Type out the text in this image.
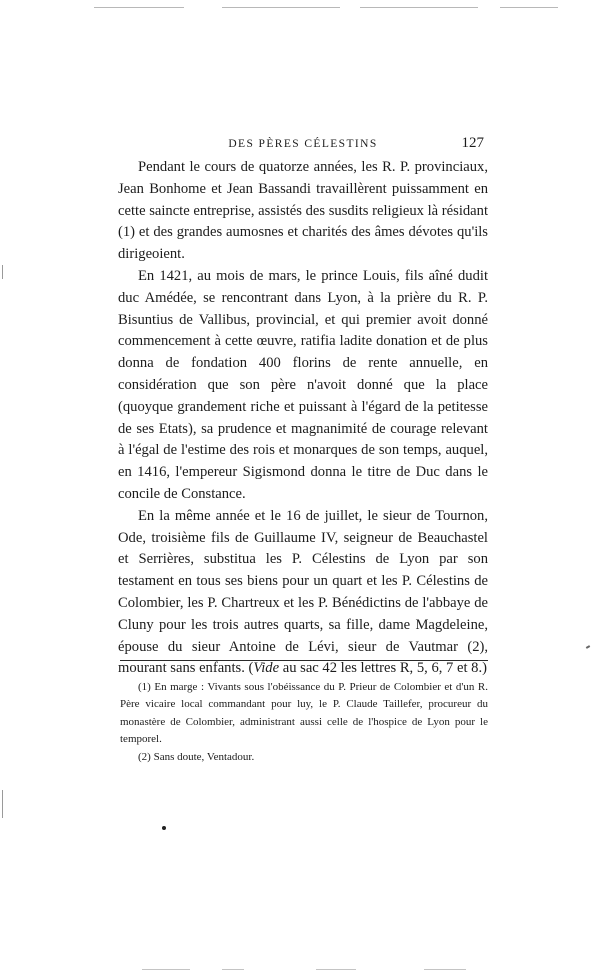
DES PÈRES CÉLESTINS	127

Pendant le cours de quatorze années, les R. P. provinciaux, Jean Bonhome et Jean Bassandi travaillèrent puissamment en cette saincte entreprise, assistés des susdits religieux là résidant (1) et des grandes aumosnes et charités des âmes dévotes qu'ils dirigeoient.

En 1421, au mois de mars, le prince Louis, fils aîné dudit duc Amédée, se rencontrant dans Lyon, à la prière du R. P. Bisuntius de Vallibus, provincial, et qui premier avoit donné commencement à cette œuvre, ratifia ladite donation et de plus donna de fondation 400 florins de rente annuelle, en considération que son père n'avoit donné que la place (quoyque grandement riche et puissant à l'égard de la petitesse de ses Etats), sa prudence et magnanimité de courage relevant à l'égal de l'estime des rois et monarques de son temps, auquel, en 1416, l'empereur Sigismond donna le titre de Duc dans le concile de Constance.

En la même année et le 16 de juillet, le sieur de Tournon, Ode, troisième fils de Guillaume IV, seigneur de Beauchastel et Serrières, substitua les P. Célestins de Lyon par son testament en tous ses biens pour un quart et les P. Célestins de Colombier, les P. Chartreux et les P. Bénédictins de l'abbaye de Cluny pour les trois autres quarts, sa fille, dame Magdeleine, épouse du sieur Antoine de Lévi, sieur de Vautmar (2), mourant sans enfants. (Vide au sac 42 les lettres R, 5, 6, 7 et 8.)

(1) En marge : Vivants sous l'obéissance du P. Prieur de Colombier et d'un R. Père vicaire local commandant pour luy, le P. Claude Taillefer, procureur du monastère de Colombier, administrant aussi celle de l'hospice de Lyon pour le temporel.

(2) Sans doute, Ventadour.
